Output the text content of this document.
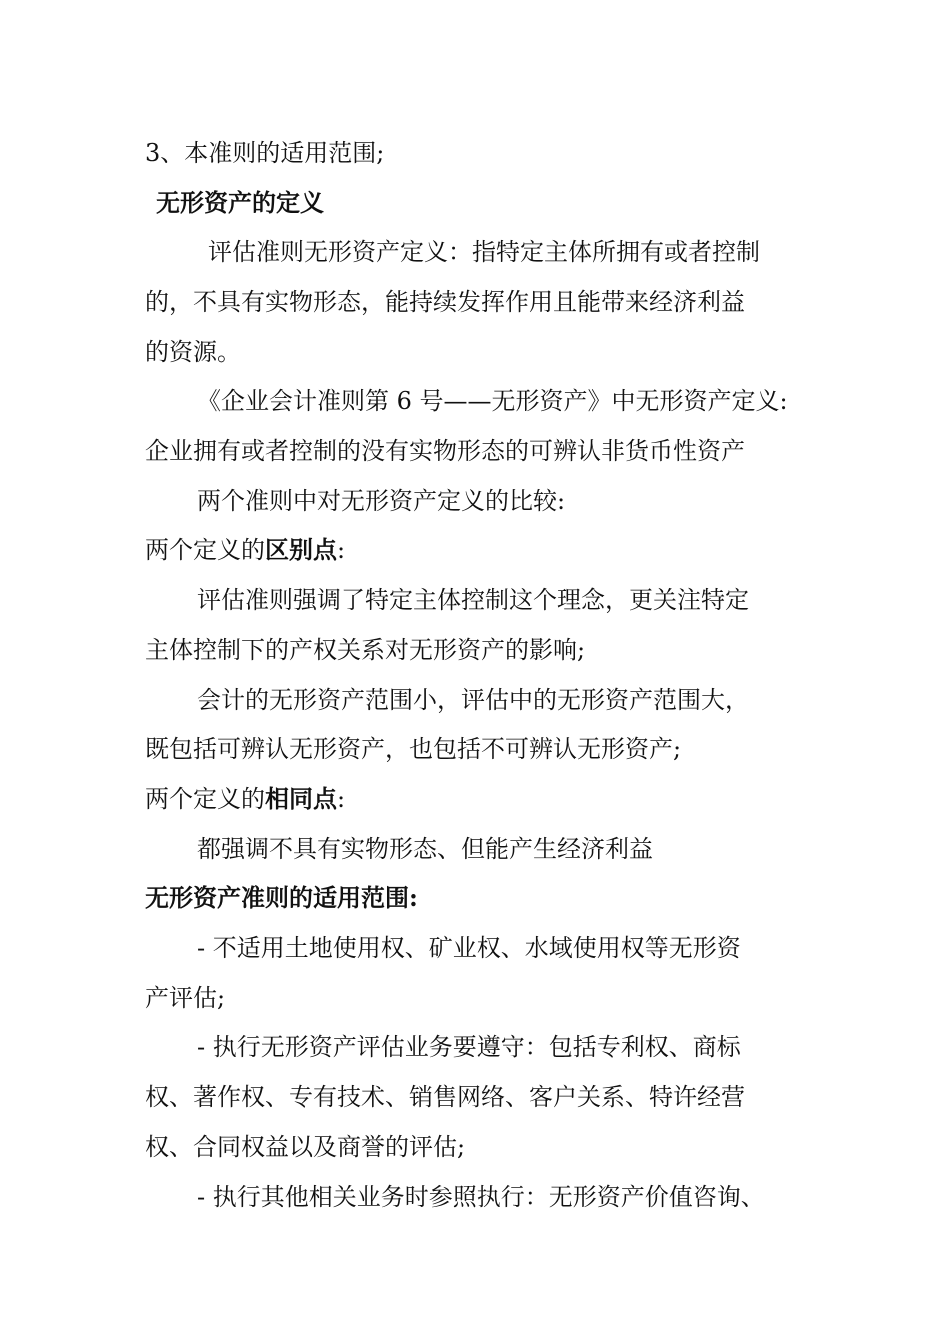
3、本准则的适用范围;
无形资产的定义
评估准则无形资产定义：指特定主体所拥有或者控制
的，不具有实物形态，能持续发挥作用且能带来经济利益
的资源。
《企业会计准则第 6 号——无形资产》中无形资产定义:
企业拥有或者控制的没有实物形态的可辨认非货币性资产
两个准则中对无形资产定义的比较:
两个定义的区别点:
评估准则强调了特定主体控制这个理念，更关注特定
主体控制下的产权关系对无形资产的影响;
会计的无形资产范围小，评估中的无形资产范围大，
既包括可辨认无形资产，也包括不可辨认无形资产;
两个定义的相同点:
都强调不具有实物形态、但能产生经济利益
无形资产准则的适用范围:
- 不适用土地使用权、矿业权、水域使用权等无形资
产评估;
- 执行无形资产评估业务要遵守：包括专利权、商标
权、著作权、专有技术、销售网络、客户关系、特许经营
权、合同权益以及商誉的评估;
- 执行其他相关业务时参照执行：无形资产价值咨询、
